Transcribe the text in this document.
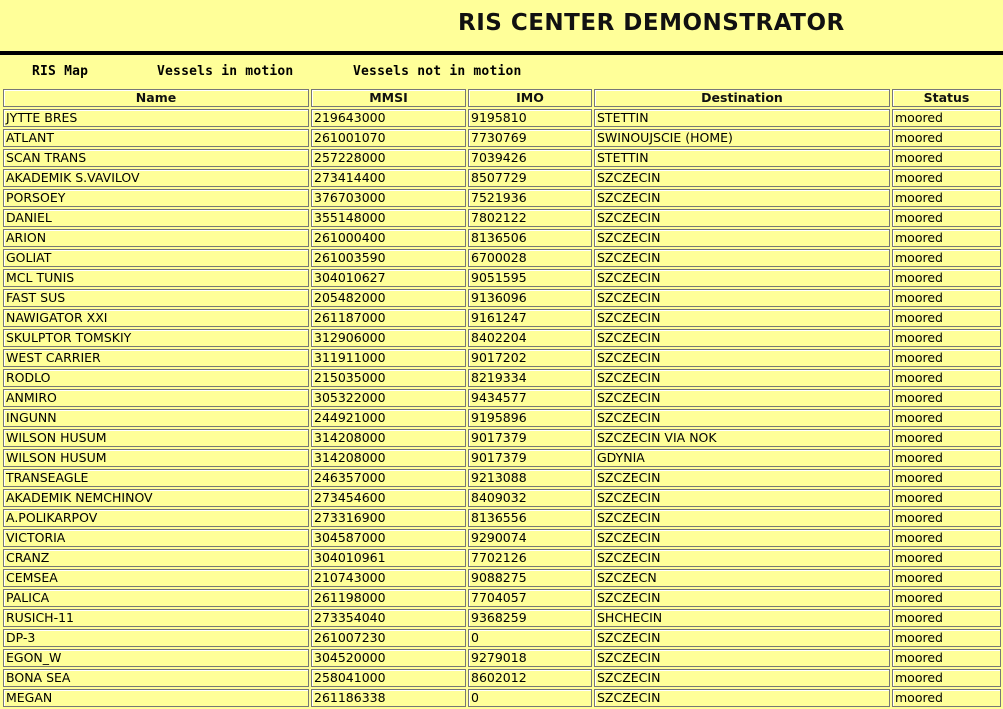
RIS CENTER DEMONSTRATOR
RIS Map	Vessels in motion	Vessels not in motion
Name	MMSI	IMO	Destination	Status
JYTTE BRES	219643000	9195810	STETTIN	moored
ATLANT	261001070	7730769	SWINOUJSCIE (HOME)	moored
SCAN TRANS	257228000	7039426	STETTIN	moored
AKADEMIK S.VAVILOV	273414400	8507729	SZCZECIN	moored
PORSOEY	376703000	7521936	SZCZECIN	moored
DANIEL	355148000	7802122	SZCZECIN	moored
ARION	261000400	8136506	SZCZECIN	moored
GOLIAT	261003590	6700028	SZCZECIN	moored
MCL TUNIS	304010627	9051595	SZCZECIN	moored
FAST SUS	205482000	9136096	SZCZECIN	moored
NAWIGATOR XXI	261187000	9161247	SZCZECIN	moored
SKULPTOR TOMSKIY	312906000	8402204	SZCZECIN	moored
WEST CARRIER	311911000	9017202	SZCZECIN	moored
RODLO	215035000	8219334	SZCZECIN	moored
ANMIRO	305322000	9434577	SZCZECIN	moored
INGUNN	244921000	9195896	SZCZECIN	moored
WILSON HUSUM	314208000	9017379	SZCZECIN VIA NOK	moored
WILSON HUSUM	314208000	9017379	GDYNIA	moored
TRANSEAGLE	246357000	9213088	SZCZECIN	moored
AKADEMIK NEMCHINOV	273454600	8409032	SZCZECIN	moored
A.POLIKARPOV	273316900	8136556	SZCZECIN	moored
VICTORIA	304587000	9290074	SZCZECIN	moored
CRANZ	304010961	7702126	SZCZECIN	moored
CEMSEA	210743000	9088275	SZCZECN	moored
PALICA	261198000	7704057	SZCZECIN	moored
RUSICH-11	273354040	9368259	SHCHECIN	moored
DP-3	261007230	0	SZCZECIN	moored
EGON_W	304520000	9279018	SZCZECIN	moored
BONA SEA	258041000	8602012	SZCZECIN	moored
MEGAN	261186338	0	SZCZECIN	moored
